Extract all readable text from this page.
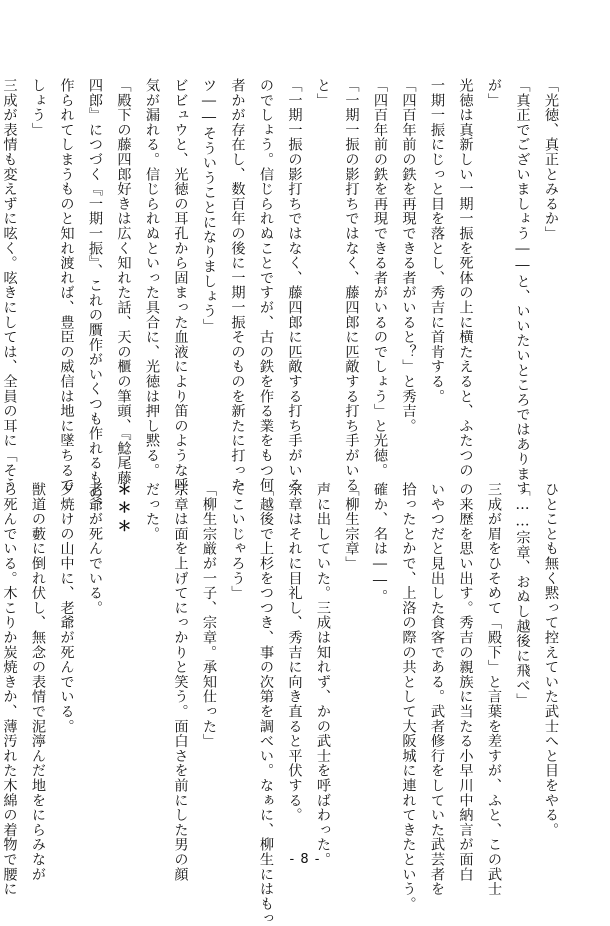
「光徳、真正とみるか」

「真正でございましょう――と、いいたいところではあります

が」

光徳は真新しい一期一振を死体の上に横たえると、ふたつの

一期一振にじっと目を落とし、秀吉に首肯する。

「四百年前の鉄を再現できる者がいると？」と秀吉。

「四百年前の鉄を再現できる者がいるのでしょう」と光徳。

「一期一振の影打ちではなく、藤四郎に匹敵する打ち手がいる

と」

「一期一振の影打ちではなく、藤四郎に匹敵する打ち手がいる

のでしょう。信じられぬことですが、古の鉄を作る業をもつ何

者かが存在し、数百年の後に一期一振そのものを新たに打った

ツ――そういうことになりましょう」

ビビュウと、光徳の耳孔から固まった血液により笛のような呼

気が漏れる。信じられぬといった具合に、光徳は押し黙る。

「殿下の藤四郎好きは広く知れた話、天の櫃の筆頭、『鯰尾藤

四郎』につづく『一期一振』、これの贋作がいくつも作れるもの、

作られてしまうものと知れ渡れば、豊臣の威信は地に墜ちるで

しょう」

三成が表情も変えずに呟く。呟きにしては、全員の耳に「そう

ひとことも無く黙って控えていた武士へと目をやる。

「……宗章、おぬし越後に飛べ」

三成が眉をひそめて「殿下」と言葉を差すが、ふと、この武士

の来歴を思い出す。秀吉の親族に当たる小早川中納言が面白

いやつだと見出した食客である。武者修行をしていた武芸者を

拾ったとかで、上洛の際の共として大阪城に連れてきたという。

確か、名は――。

「柳生宗章」

声に出していた。三成は知れず、かの武士を呼ばわった。

宗章はそれに目礼し、秀吉に向き直ると平伏する。

「越後で上杉をつつき、事の次第を調べい。なぁに、柳生にはもっ

てこいじゃろう」

「柳生宗厳が一子、宗章。承知仕った」

宗章は面を上げてにっかりと笑う。面白さを前にした男の顔

だった。

＊＊＊

老爺が死んでいる。

夕焼けの山中に、老爺が死んでいる。

獣道の藪に倒れ伏し、無念の表情で泥濘んだ地をにらみなが

ら死んでいる。木こりか炭焼きか、薄汚れた木綿の着物で腰に	- 8 -
